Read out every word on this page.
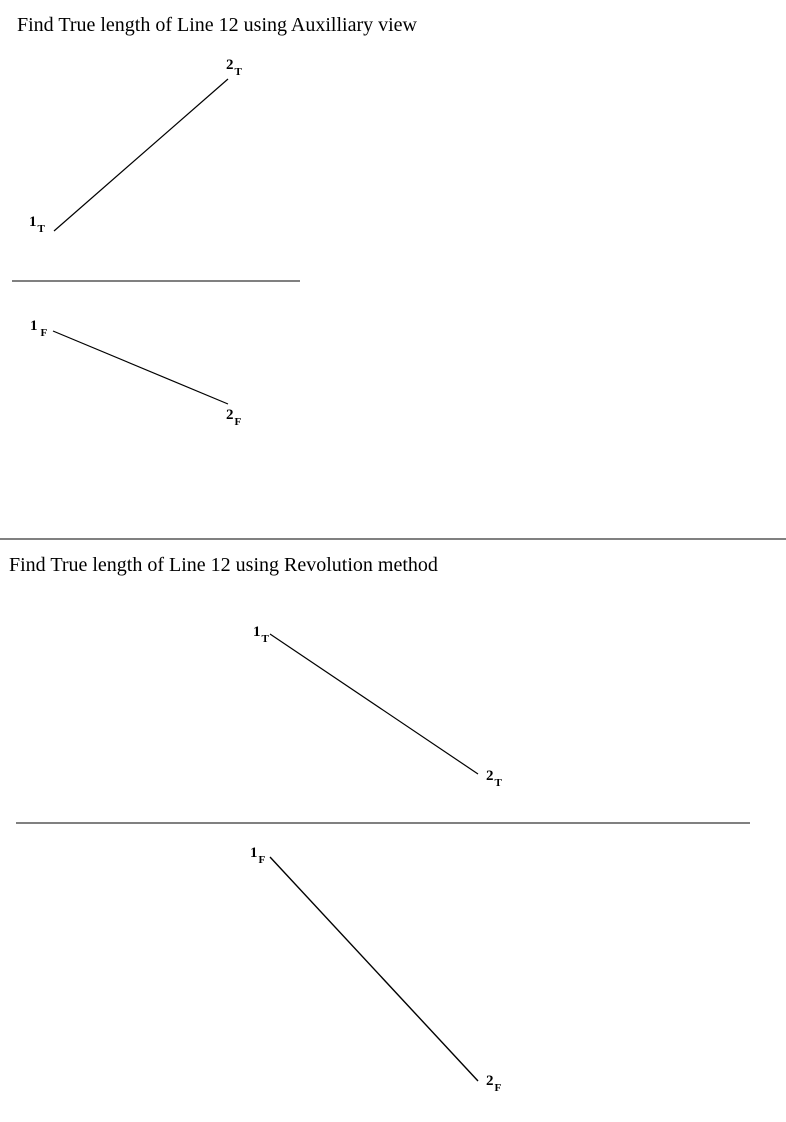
Find True length of Line 12 using Auxilliary view
Find True length of Line 12 using Revolution method
$1_T$
$2_T$
1 $_F$
$2_F$
$1_T$
$2_T$
$1_F$
$2_F$
